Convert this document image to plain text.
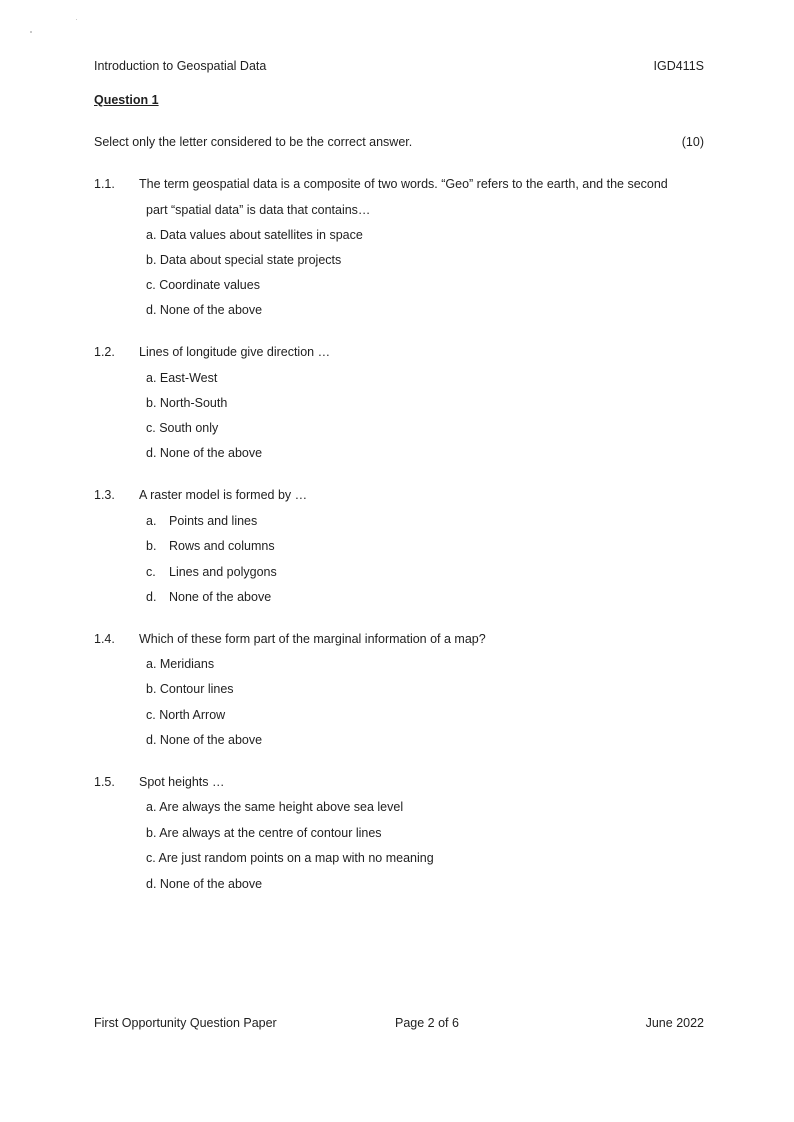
Introduction to Geospatial Data	IGD411S
Question 1
Select only the letter considered to be the correct answer.	(10)
1.1. The term geospatial data is a composite of two words. “Geo” refers to the earth, and the second
part “spatial data” is data that contains…
a. Data values about satellites in space
b. Data about special state projects
c. Coordinate values
d. None of the above
1.2. Lines of longitude give direction …
a. East-West
b. North-South
c. South only
d. None of the above
1.3. A raster model is formed by …
a. Points and lines
b. Rows and columns
c. Lines and polygons
d. None of the above
1.4. Which of these form part of the marginal information of a map?
a. Meridians
b. Contour lines
c. North Arrow
d. None of the above
1.5. Spot heights …
a. Are always the same height above sea level
b. Are always at the centre of contour lines
c. Are just random points on a map with no meaning
d. None of the above
First Opportunity Question Paper	Page 2 of 6	June 2022
